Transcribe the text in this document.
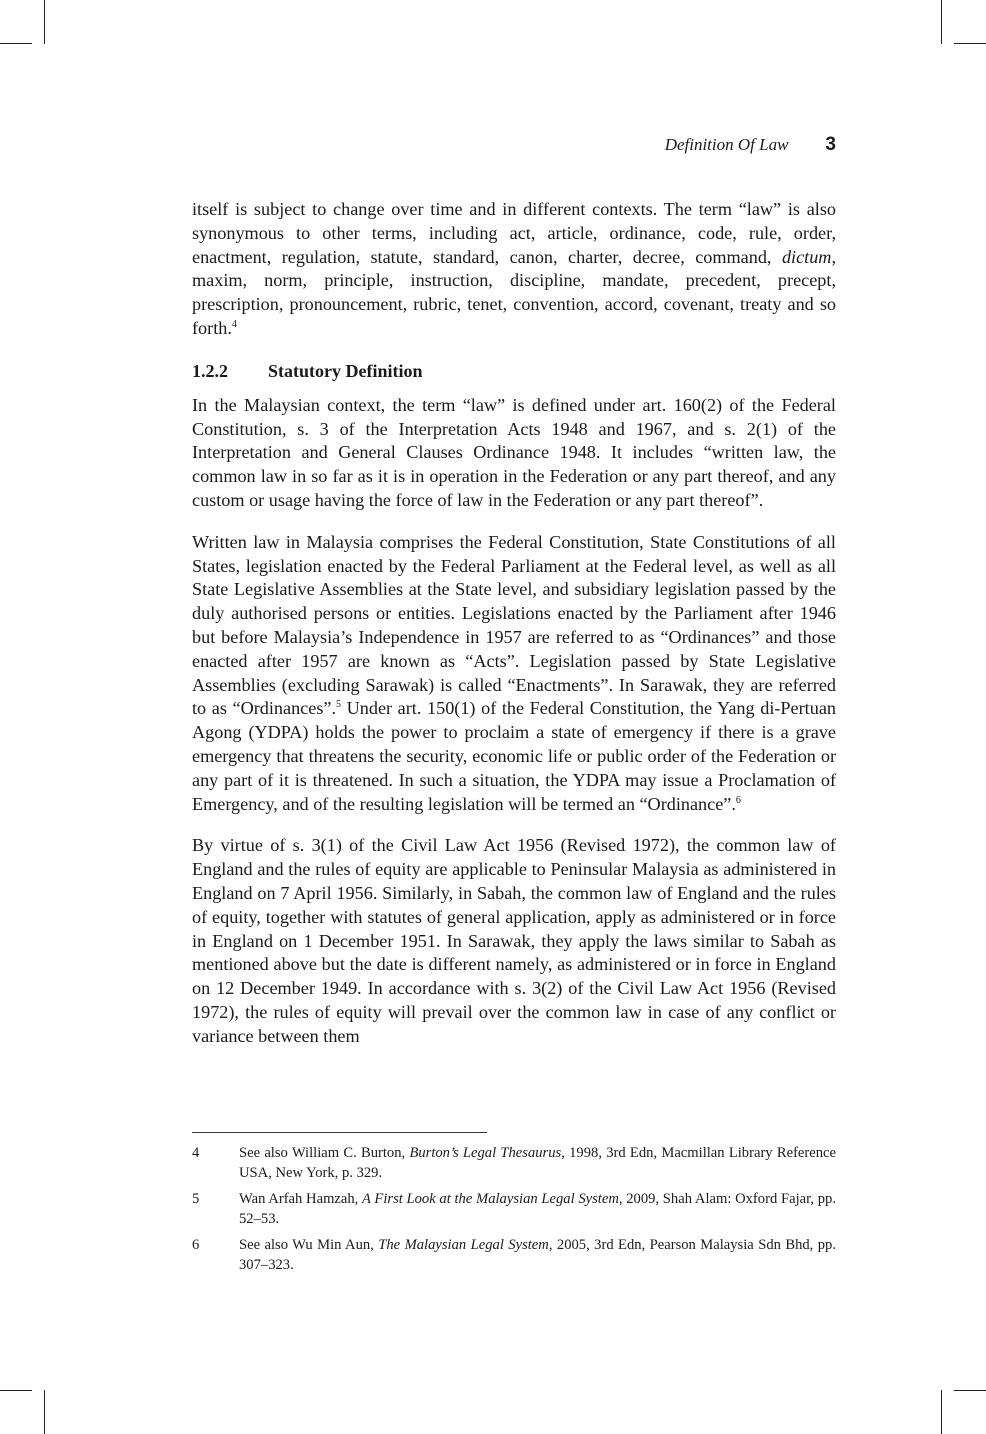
Definition Of Law 3

itself is subject to change over time and in different contexts. The term “law” is also synonymous to other terms, including act, article, ordinance, code, rule, order, enactment, regulation, statute, standard, canon, charter, decree, command, dictum, maxim, norm, principle, instruction, discipline, mandate, precedent, precept, prescription, pronouncement, rubric, tenet, convention, accord, covenant, treaty and so forth.$^4$

1.2.2	Statutory Definition

In the Malaysian context, the term “law” is defined under art. 160(2) of the Federal Constitution, s. 3 of the Interpretation Acts 1948 and 1967, and s. 2(1) of the Interpretation and General Clauses Ordinance 1948. It includes “written law, the common law in so far as it is in operation in the Federation or any part thereof, and any custom or usage having the force of law in the Federation or any part thereof”.

Written law in Malaysia comprises the Federal Constitution, State Constitutions of all States, legislation enacted by the Federal Parliament at the Federal level, as well as all State Legislative Assemblies at the State level, and subsidiary legislation passed by the duly authorised persons or entities. Legislations enacted by the Parliament after 1946 but before Malaysia’s Independence in 1957 are referred to as “Ordinances” and those enacted after 1957 are known as “Acts”. Legislation passed by State Legislative Assemblies (excluding Sarawak) is called “Enactments”. In Sarawak, they are referred to as “Ordinances”.$^5$ Under art. 150(1) of the Federal Constitution, the Yang di-Pertuan Agong (YDPA) holds the power to proclaim a state of emergency if there is a grave emergency that threatens the security, economic life or public order of the Federation or any part of it is threatened. In such a situation, the YDPA may issue a Proclamation of Emergency, and of the resulting legislation will be termed an “Ordinance”.$^6$

By virtue of s. 3(1) of the Civil Law Act 1956 (Revised 1972), the common law of England and the rules of equity are applicable to Peninsular Malaysia as administered in England on 7 April 1956. Similarly, in Sabah, the common law of England and the rules of equity, together with statutes of general application, apply as administered or in force in England on 1 December 1951. In Sarawak, they apply the laws similar to Sabah as mentioned above but the date is different namely, as administered or in force in England on 12 December 1949. In accordance with s. 3(2) of the Civil Law Act 1956 (Revised 1972), the rules of equity will prevail over the common law in case of any conflict or variance between them

4	See also William C. Burton, Burton’s Legal Thesaurus, 1998, 3rd Edn, Macmillan Library Reference USA, New York, p. 329.
5	Wan Arfah Hamzah, A First Look at the Malaysian Legal System, 2009, Shah Alam: Oxford Fajar, pp. 52–53.
6	See also Wu Min Aun, The Malaysian Legal System, 2005, 3rd Edn, Pearson Malaysia Sdn Bhd, pp. 307–323.
